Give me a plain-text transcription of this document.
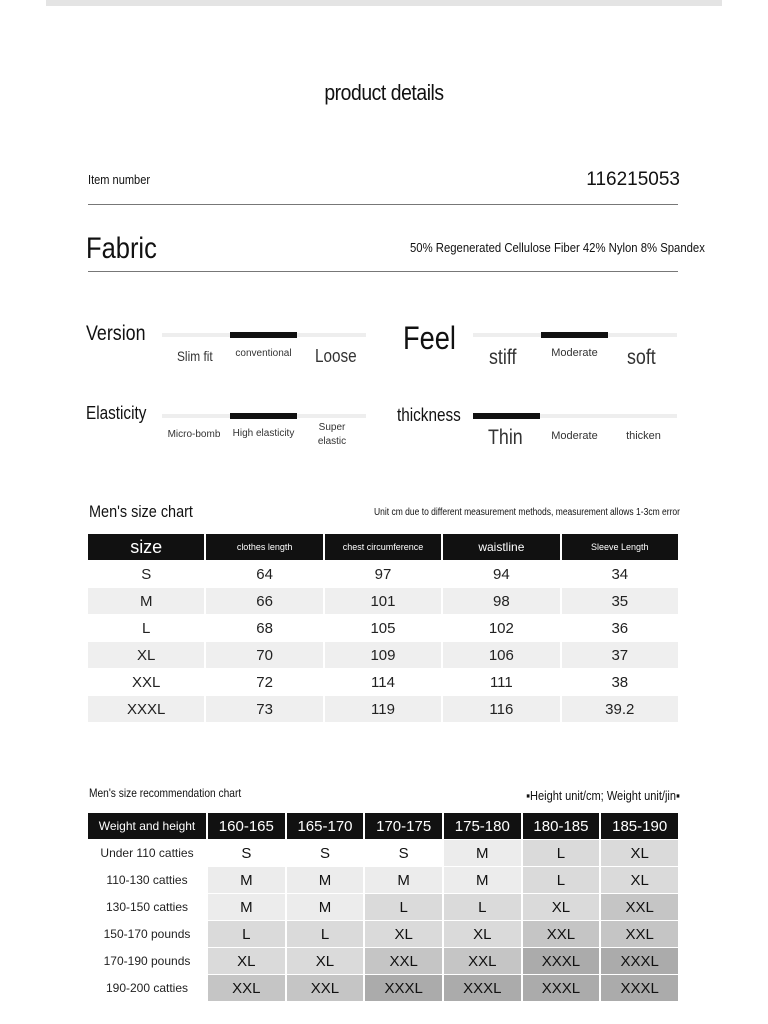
product details
Item number	116215053
Fabric	50% Regenerated Cellulose Fiber 42% Nylon 8% Spandex
Version
Slim fit	conventional	Loose Feel
stiff	Moderate	soft
Elasticity
Micro-bomb	High elasticity
Super elastic
thickness
Thin	Moderate	thicken
Men's size chart	Unit cm due to different measurement methods, measurement allows 1-3cm error
size	clothes length	chest circumference	waistline	Sleeve Length
S	64	97	94	34
M	66	101	98	35
L	68	105	102	36
XL	70	109	106	37
XXL	72	114	111	38
XXXL	73	119	116	39.2
Men's size recommendation chart	▪Height unit/cm; Weight unit/jin▪
Weight and height	160-165	165-170	170-175	175-180	180-185	185-190
Under 110 catties	S	S	S	M	L	XL
110-130 catties	M	M	M	M	L	XL
130-150 catties	M	M	L	L	XL	XXL
150-170 pounds	L	L	XL	XL	XXL	XXL
170-190 pounds	XL	XL	XXL	XXL	XXXL	XXXL
190-200 catties	XXL	XXL	XXXL	XXXL	XXXL	XXXL
